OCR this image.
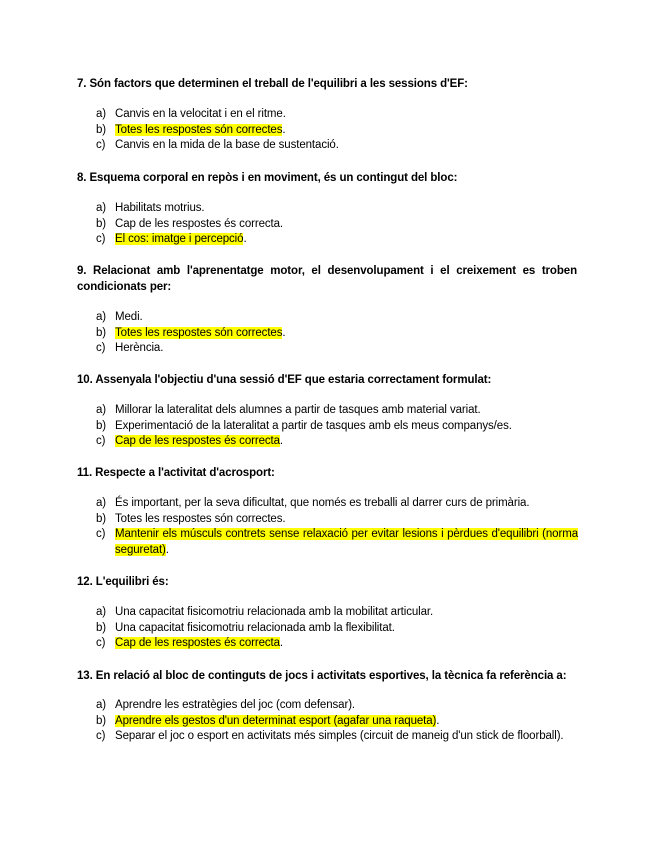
7. Són factors que determinen el treball de l'equilibri a les sessions d'EF:
a) Canvis en la velocitat i en el ritme.
b) Totes les respostes són correctes.
c) Canvis en la mida de la base de sustentació.
8. Esquema corporal en repòs i en moviment, és un contingut del bloc:
a) Habilitats motrius.
b) Cap de les respostes és correcta.
c) El cos: imatge i percepció.
9. Relacionat amb l'aprenentatge motor, el desenvolupament i el creixement es troben condicionats per:
a) Medi.
b) Totes les respostes són correctes.
c) Herència.
10. Assenyala l'objectiu d'una sessió d'EF que estaria correctament formulat:
a) Millorar la lateralitat dels alumnes a partir de tasques amb material variat.
b) Experimentació de la lateralitat a partir de tasques amb els meus companys/es.
c) Cap de les respostes és correcta.
11. Respecte a l'activitat d'acrosport:
a) És important, per la seva dificultat, que només es treballi al darrer curs de primària.
b) Totes les respostes són correctes.
c) Mantenir els músculs contrets sense relaxació per evitar lesions i pèrdues d'equilibri (norma seguretat).
12. L'equilibri és:
a) Una capacitat fisicomotriu relacionada amb la mobilitat articular.
b) Una capacitat fisicomotriu relacionada amb la flexibilitat.
c) Cap de les respostes és correcta.
13. En relació al bloc de continguts de jocs i activitats esportives, la tècnica fa referència a:
a) Aprendre les estratègies del joc (com defensar).
b) Aprendre els gestos d'un determinat esport (agafar una raqueta).
c) Separar el joc o esport en activitats més simples (circuit de maneig d'un stick de floorball).
